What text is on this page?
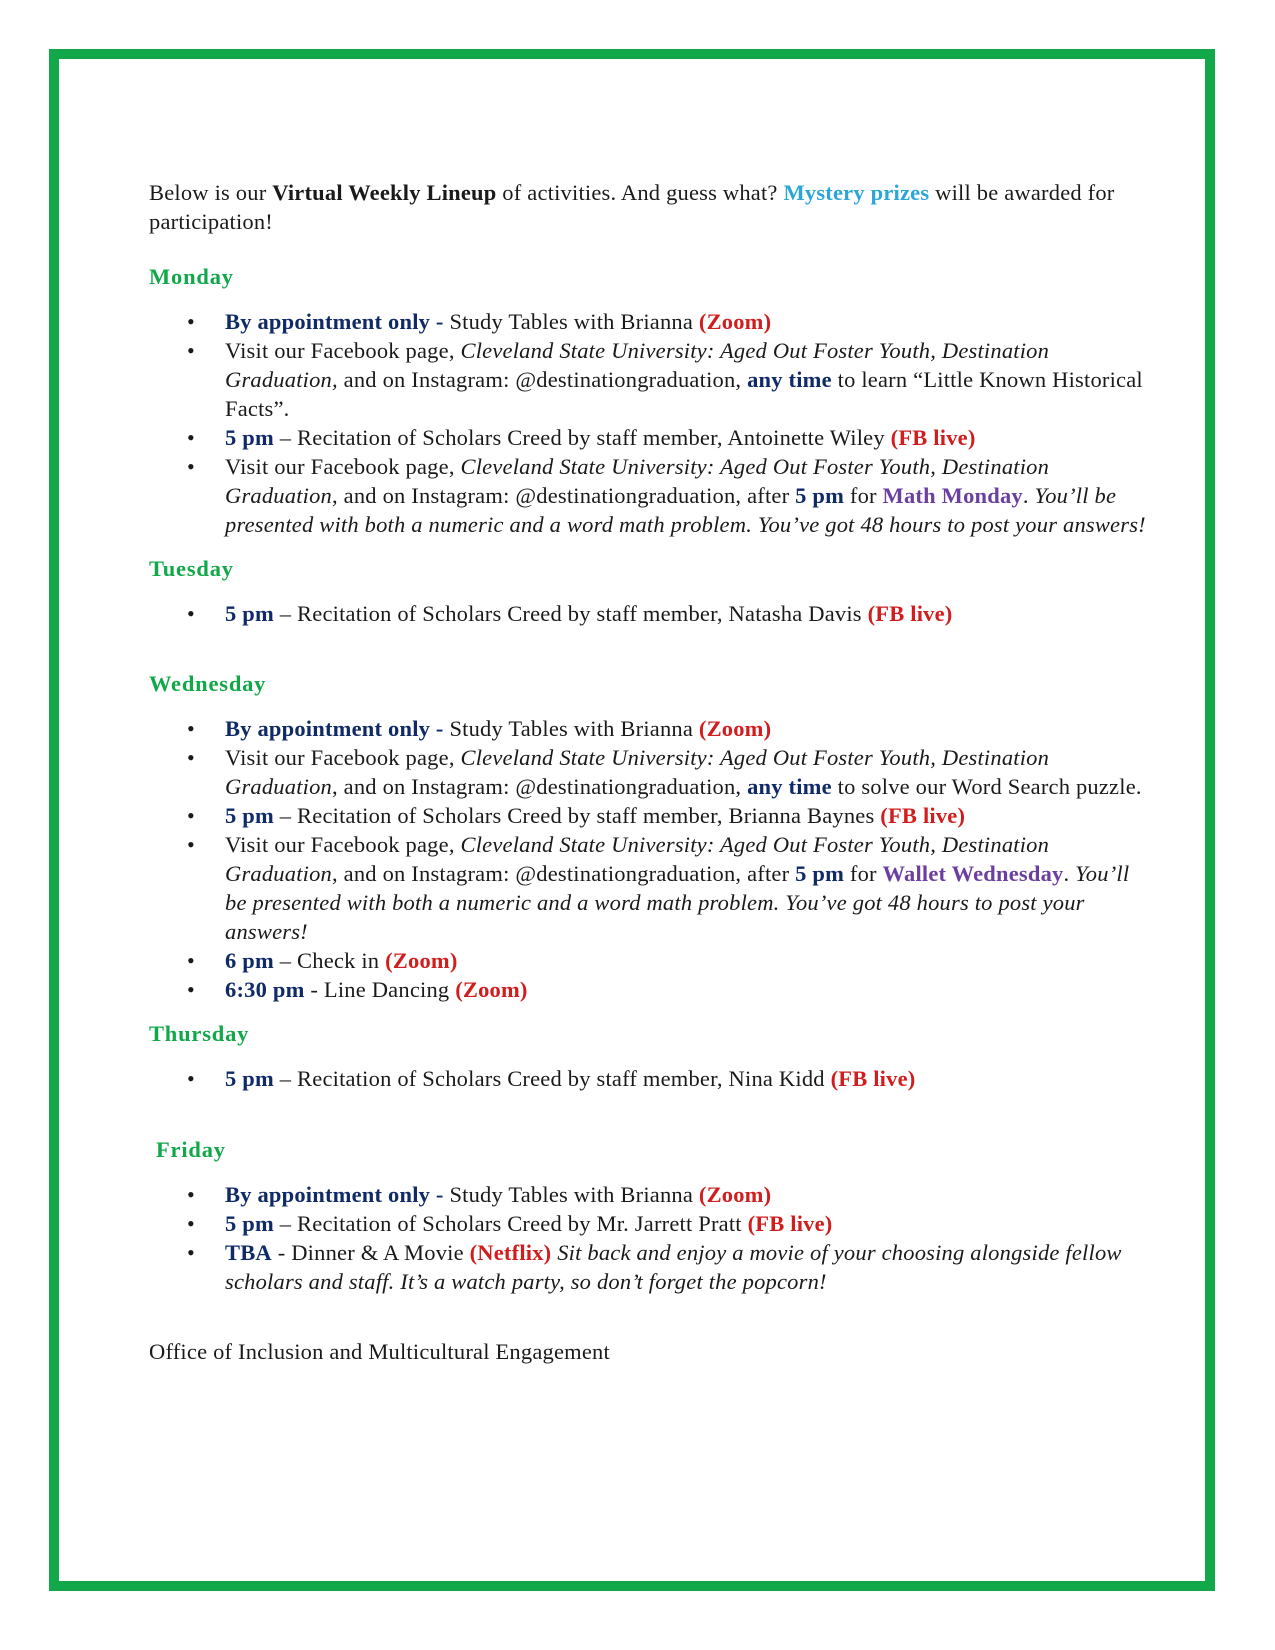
Below is our Virtual Weekly Lineup of activities. And guess what? Mystery prizes will be awarded for participation!

Monday

• By appointment only - Study Tables with Brianna (Zoom)
• Visit our Facebook page, Cleveland State University: Aged Out Foster Youth, Destination Graduation, and on Instagram: @destinationgraduation, any time to learn “Little Known Historical Facts”.
• 5 pm – Recitation of Scholars Creed by staff member, Antoinette Wiley (FB live)
• Visit our Facebook page, Cleveland State University: Aged Out Foster Youth, Destination Graduation, and on Instagram: @destinationgraduation, after 5 pm for Math Monday. You’ll be presented with both a numeric and a word math problem. You’ve got 48 hours to post your answers!

Tuesday

• 5 pm – Recitation of Scholars Creed by staff member, Natasha Davis (FB live)

Wednesday

• By appointment only - Study Tables with Brianna (Zoom)
• Visit our Facebook page, Cleveland State University: Aged Out Foster Youth, Destination Graduation, and on Instagram: @destinationgraduation, any time to solve our Word Search puzzle.
• 5 pm – Recitation of Scholars Creed by staff member, Brianna Baynes (FB live)
• Visit our Facebook page, Cleveland State University: Aged Out Foster Youth, Destination Graduation, and on Instagram: @destinationgraduation, after 5 pm for Wallet Wednesday. You’ll be presented with both a numeric and a word math problem. You’ve got 48 hours to post your answers!
• 6 pm – Check in (Zoom)
• 6:30 pm - Line Dancing (Zoom)

Thursday

• 5 pm – Recitation of Scholars Creed by staff member, Nina Kidd (FB live)

Friday

• By appointment only - Study Tables with Brianna (Zoom)
• 5 pm – Recitation of Scholars Creed by Mr. Jarrett Pratt (FB live)
• TBA - Dinner & A Movie (Netflix) Sit back and enjoy a movie of your choosing alongside fellow scholars and staff. It’s a watch party, so don’t forget the popcorn!

Office of Inclusion and Multicultural Engagement
